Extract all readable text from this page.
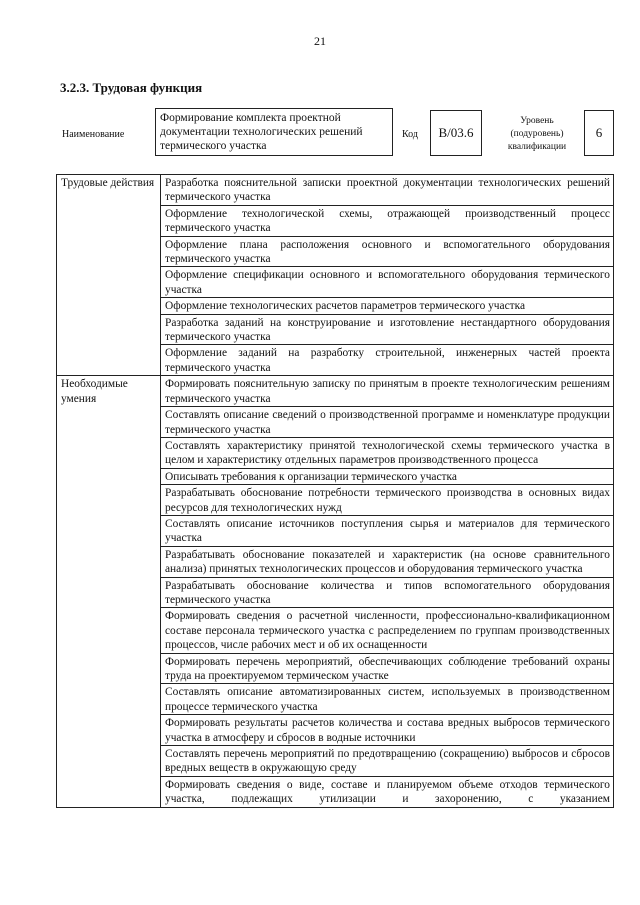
21
3.2.3. Трудовая функция
Наименование
Формирование комплекта проектной документации технологических решений термического участка
Код	В/03.6
Уровень (подуровень) квалификации
6
Трудовые действия	Разработка пояснительной записки проектной документации технологических решений термического участка
	Оформление технологической схемы, отражающей производственный процесс термического участка
	Оформление плана расположения основного и вспомогательного оборудования термического участка
	Оформление спецификации основного и вспомогательного оборудования термического участка
	Оформление технологических расчетов параметров термического участка
	Разработка заданий на конструирование и изготовление нестандартного оборудования термического участка
	Оформление заданий на разработку строительной, инженерных частей проекта термического участка
Необходимые умения	Формировать пояснительную записку по принятым в проекте технологическим решениям термического участка
	Составлять описание сведений о производственной программе и номенклатуре продукции термического участка
	Составлять характеристику принятой технологической схемы термического участка в целом и характеристику отдельных параметров производственного процесса
	Описывать требования к организации термического участка
	Разрабатывать обоснование потребности термического производства в основных видах ресурсов для технологических нужд
	Составлять описание источников поступления сырья и материалов для термического участка
	Разрабатывать обоснование показателей и характеристик (на основе сравнительного анализа) принятых технологических процессов и оборудования термического участка
	Разрабатывать обоснование количества и типов вспомогательного оборудования термического участка
	Формировать сведения о расчетной численности, профессионально-квалификационном составе персонала термического участка с распределением по группам производственных процессов, числе рабочих мест и об их оснащенности
	Формировать перечень мероприятий, обеспечивающих соблюдение требований охраны труда на проектируемом термическом участке
	Составлять описание автоматизированных систем, используемых в производственном процессе термического участка
	Формировать результаты расчетов количества и состава вредных выбросов термического участка в атмосферу и сбросов в водные источники
	Составлять перечень мероприятий по предотвращению (сокращению) выбросов и сбросов вредных веществ в окружающую среду
	Формировать сведения о виде, составе и планируемом объеме отходов термического участка, подлежащих утилизации и захоронению, с указанием
